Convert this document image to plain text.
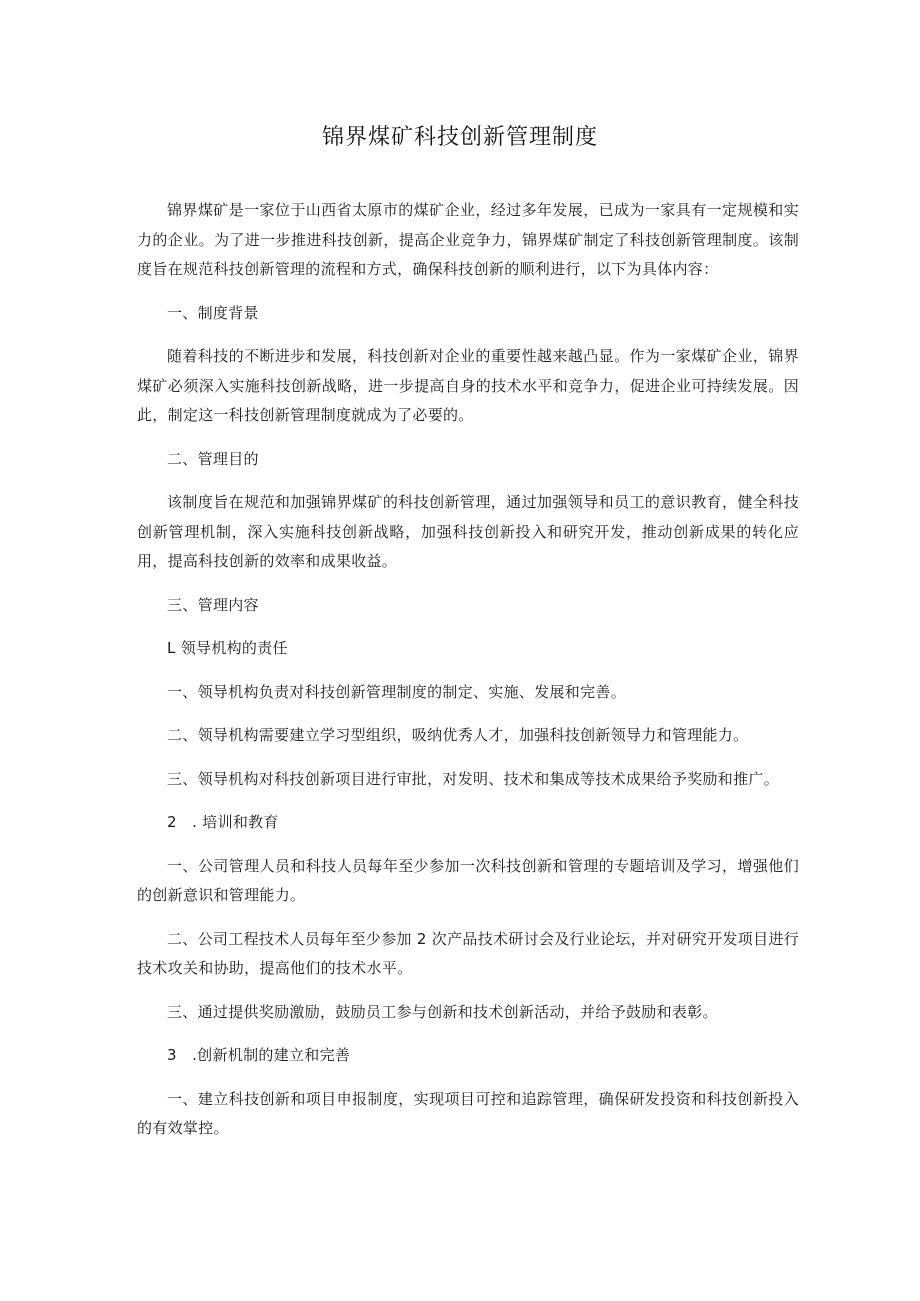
锦界煤矿科技创新管理制度

锦界煤矿是一家位于山西省太原市的煤矿企业，经过多年发展，已成为一家具有一定规模和实力的企业。为了进一步推进科技创新，提高企业竞争力，锦界煤矿制定了科技创新管理制度。该制度旨在规范科技创新管理的流程和方式，确保科技创新的顺利进行，以下为具体内容：

一、制度背景

随着科技的不断进步和发展，科技创新对企业的重要性越来越凸显。作为一家煤矿企业，锦界煤矿必须深入实施科技创新战略，进一步提高自身的技术水平和竞争力，促进企业可持续发展。因此，制定这一科技创新管理制度就成为了必要的。

二、管理目的

该制度旨在规范和加强锦界煤矿的科技创新管理，通过加强领导和员工的意识教育，健全科技创新管理机制，深入实施科技创新战略，加强科技创新投入和研究开发，推动创新成果的转化应用，提高科技创新的效率和成果收益。

三、管理内容

L 领导机构的责任

一、领导机构负责对科技创新管理制度的制定、实施、发展和完善。

二、领导机构需要建立学习型组织，吸纳优秀人才，加强科技创新领导力和管理能力。

三、领导机构对科技创新项目进行审批，对发明、技术和集成等技术成果给予奖励和推广。

2　. 培训和教育

一、公司管理人员和科技人员每年至少参加一次科技创新和管理的专题培训及学习，增强他们的创新意识和管理能力。

二、公司工程技术人员每年至少参加 2 次产品技术研讨会及行业论坛，并对研究开发项目进行技术攻关和协助，提高他们的技术水平。

三、通过提供奖励激励，鼓励员工参与创新和技术创新活动，并给予鼓励和表彰。

3　.创新机制的建立和完善

一、建立科技创新和项目申报制度，实现项目可控和追踪管理，确保研发投资和科技创新投入的有效掌控。
